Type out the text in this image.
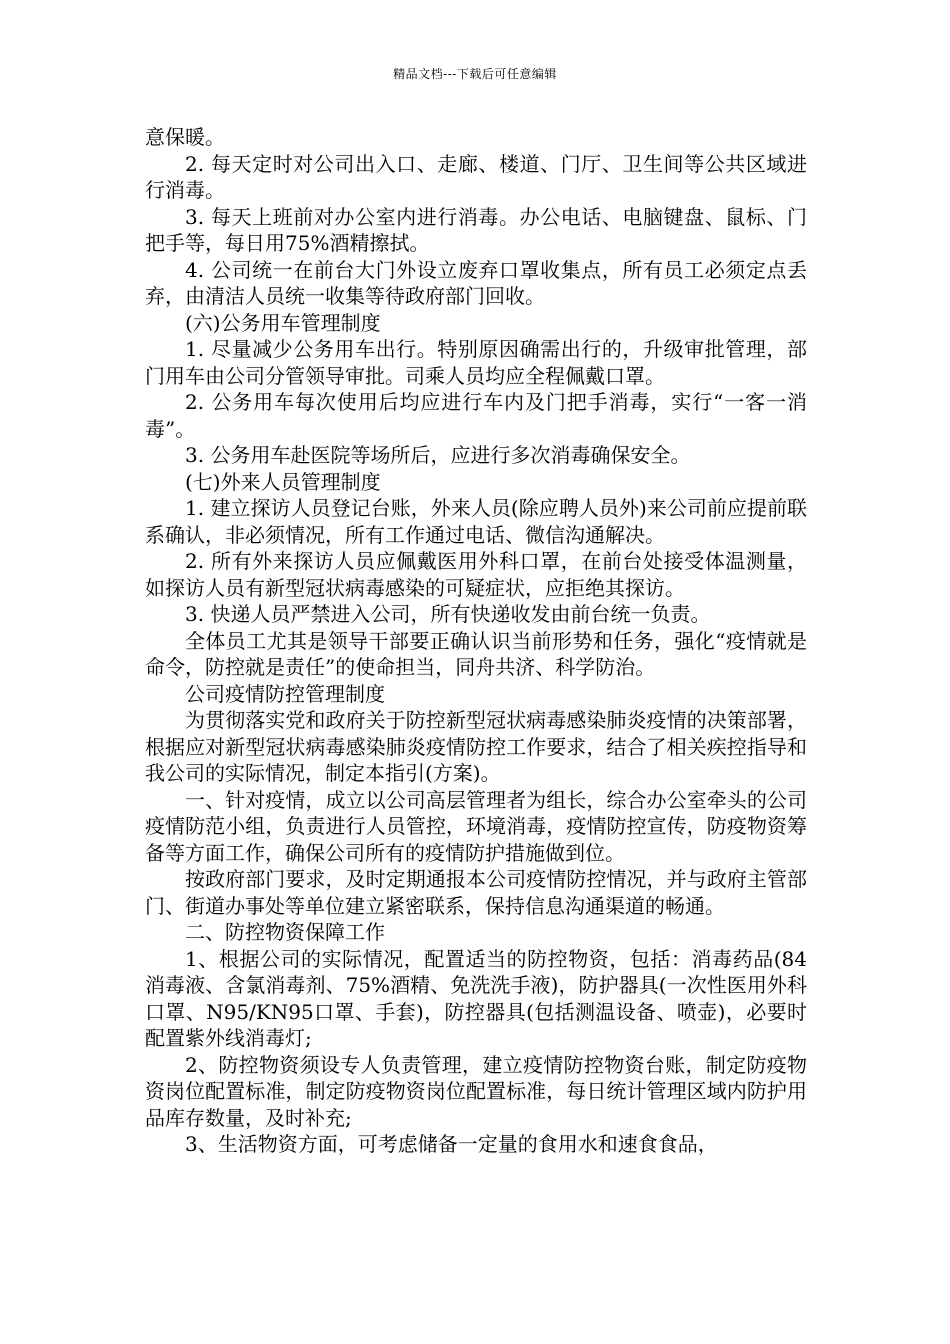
精品文档---下载后可任意编辑

意保暖。

2. 每天定时对公司出入口、走廊、楼道、门厅、卫生间等公共区域进行消毒。

3. 每天上班前对办公室内进行消毒。办公电话、电脑键盘、鼠标、门把手等，每日用75%酒精擦拭。

4. 公司统一在前台大门外设立废弃口罩收集点，所有员工必须定点丢弃，由清洁人员统一收集等待政府部门回收。

(六)公务用车管理制度

1. 尽量减少公务用车出行。特别原因确需出行的，升级审批管理，部门用车由公司分管领导审批。司乘人员均应全程佩戴口罩。

2. 公务用车每次使用后均应进行车内及门把手消毒，实行“一客一消毒”。

3. 公务用车赴医院等场所后，应进行多次消毒确保安全。

(七)外来人员管理制度

1. 建立探访人员登记台账，外来人员(除应聘人员外)来公司前应提前联系确认，非必须情况，所有工作通过电话、微信沟通解决。

2. 所有外来探访人员应佩戴医用外科口罩，在前台处接受体温测量，如探访人员有新型冠状病毒感染的可疑症状，应拒绝其探访。

3. 快递人员严禁进入公司，所有快递收发由前台统一负责。

全体员工尤其是领导干部要正确认识当前形势和任务，强化“疫情就是命令，防控就是责任”的使命担当，同舟共济、科学防治。

公司疫情防控管理制度

为贯彻落实党和政府关于防控新型冠状病毒感染肺炎疫情的决策部署，根据应对新型冠状病毒感染肺炎疫情防控工作要求，结合了相关疾控指导和我公司的实际情况，制定本指引(方案)。

一、针对疫情，成立以公司高层管理者为组长，综合办公室牵头的公司疫情防范小组，负责进行人员管控，环境消毒，疫情防控宣传，防疫物资筹备等方面工作，确保公司所有的疫情防护措施做到位。

按政府部门要求，及时定期通报本公司疫情防控情况，并与政府主管部门、街道办事处等单位建立紧密联系，保持信息沟通渠道的畅通。

二、防控物资保障工作

1、根据公司的实际情况，配置适当的防控物资，包括：消毒药品(84消毒液、含氯消毒剂、75%酒精、免洗洗手液)，防护器具(一次性医用外科口罩、N95/KN95口罩、手套)，防控器具(包括测温设备、喷壶)，必要时配置紫外线消毒灯;

2、防控物资须设专人负责管理，建立疫情防控物资台账，制定防疫物资岗位配置标准，制定防疫物资岗位配置标准，每日统计管理区域内防护用品库存数量，及时补充;

3、生活物资方面，可考虑储备一定量的食用水和速食食品，
